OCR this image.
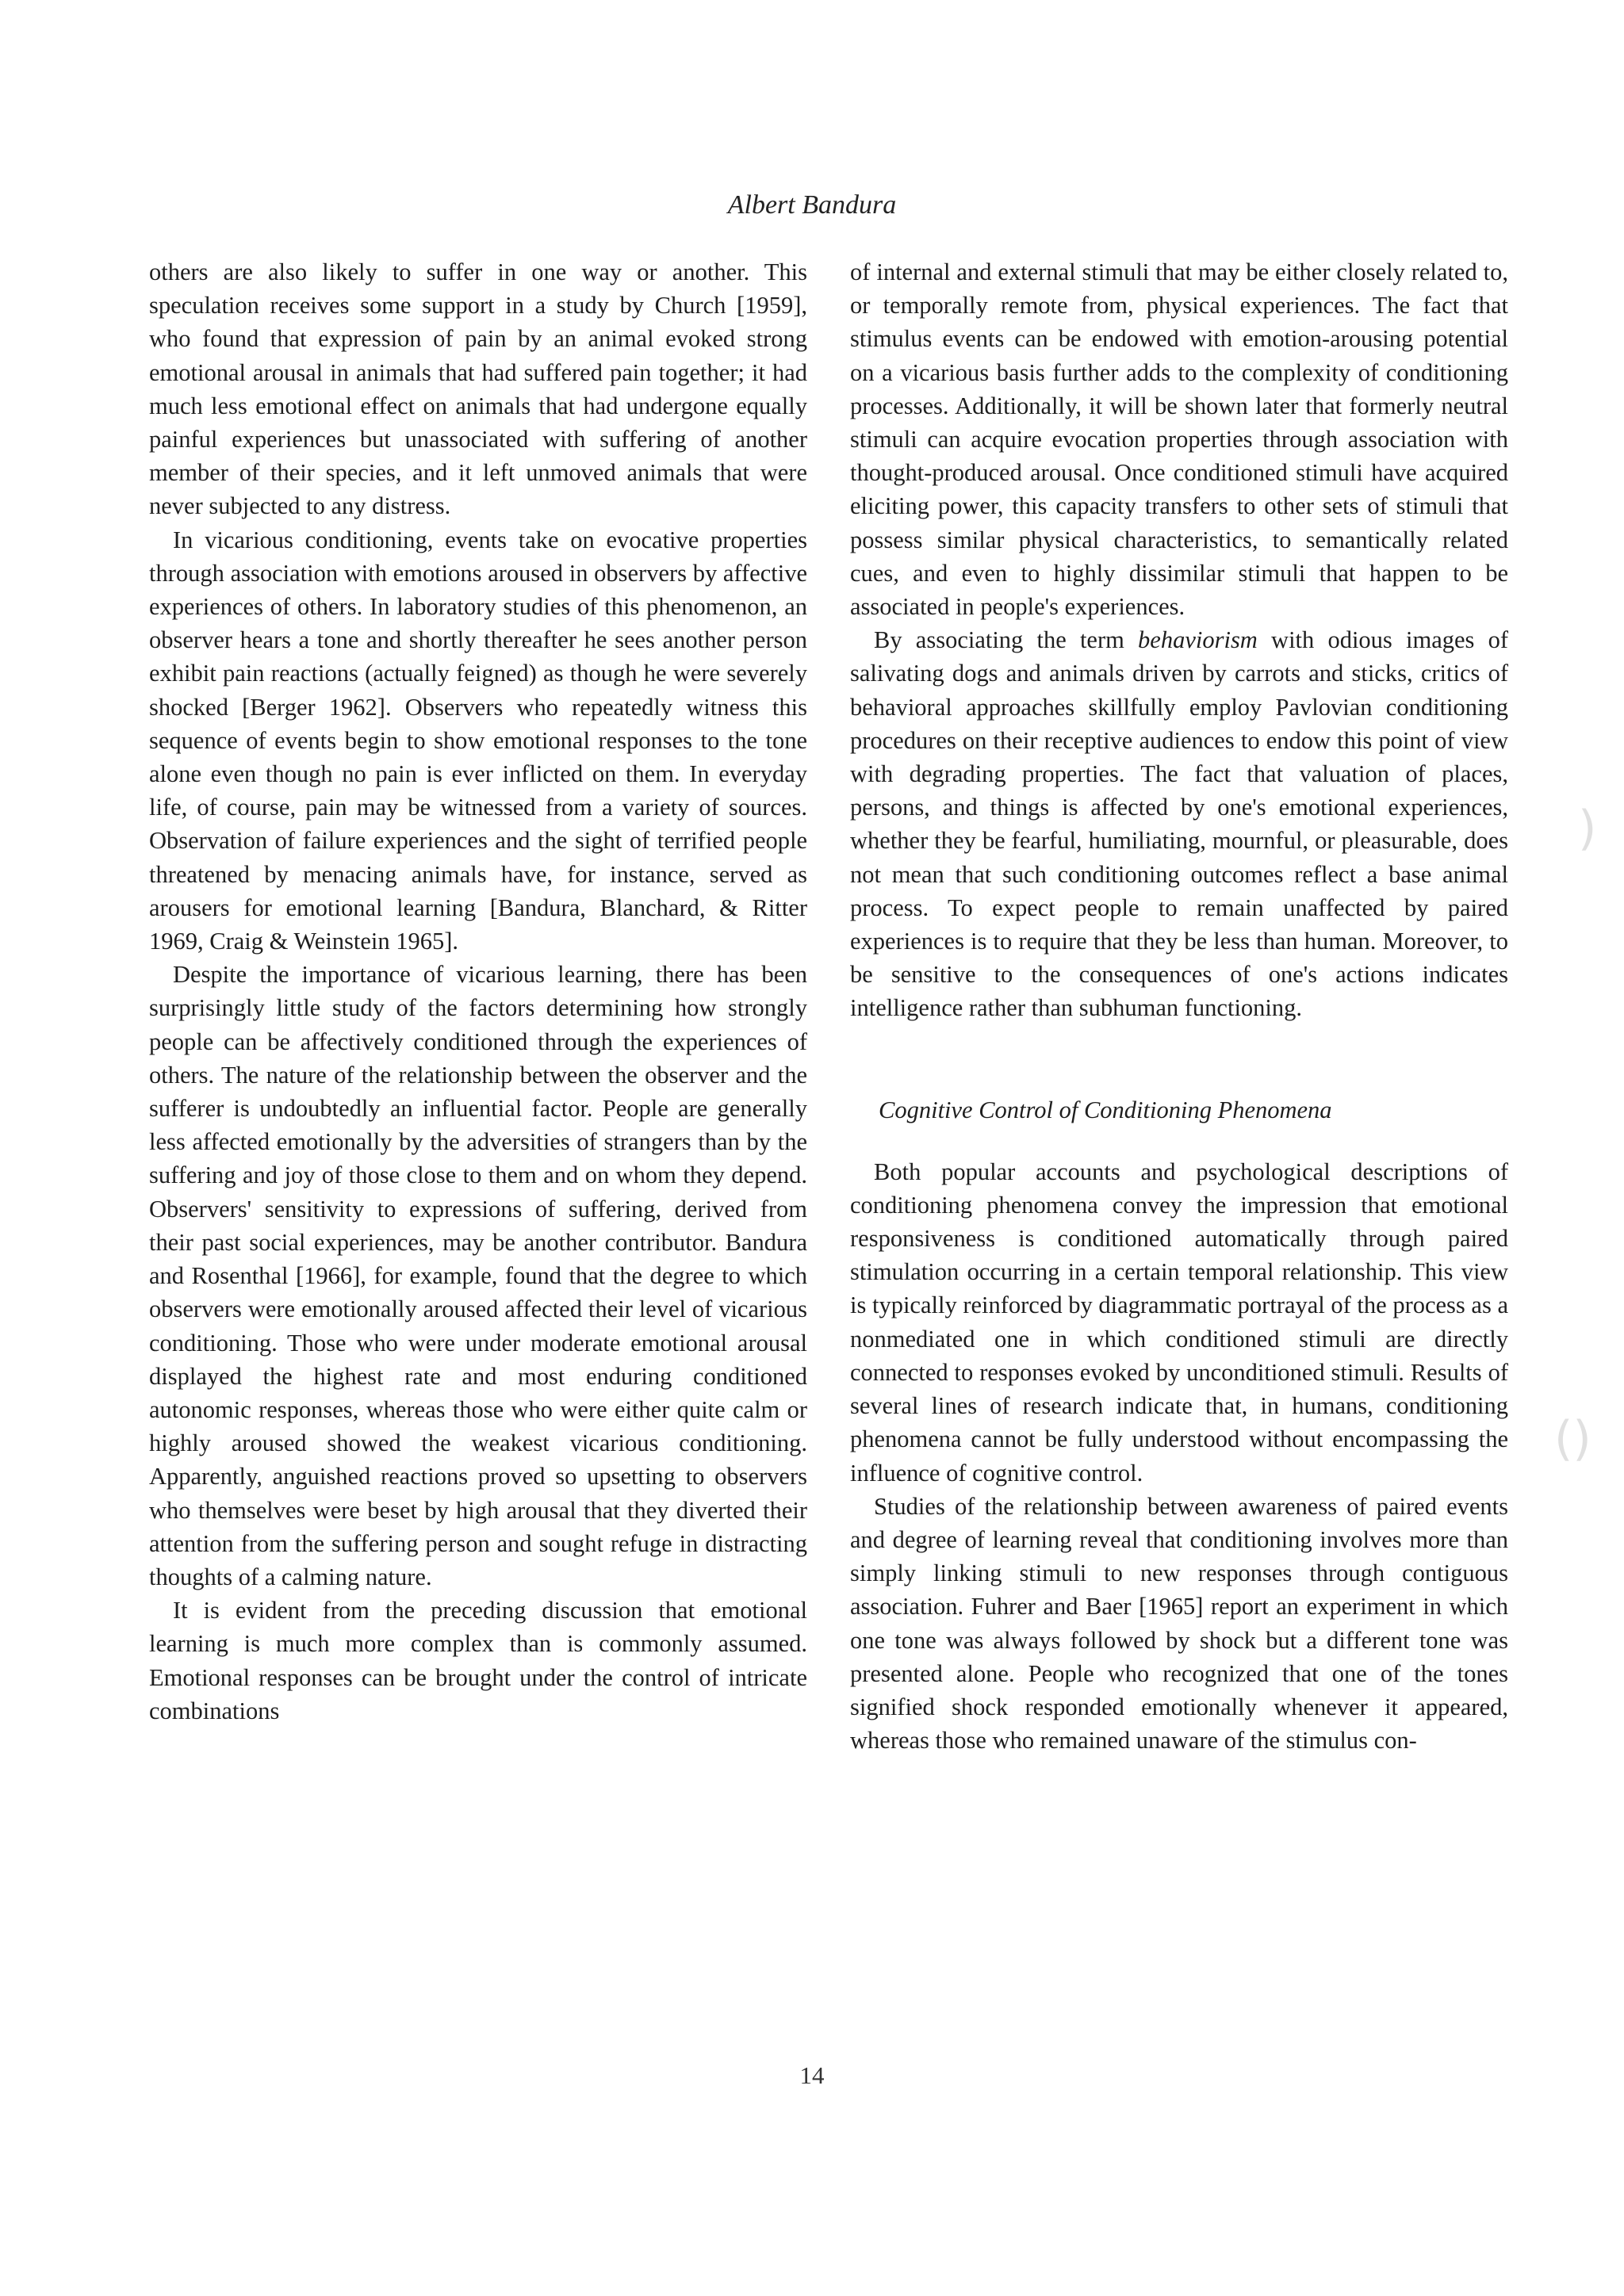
Albert Bandura

others are also likely to suffer in one way or another. This speculation receives some support in a study by Church [1959], who found that expression of pain by an animal evoked strong emotional arousal in animals that had suffered pain together; it had much less emotional effect on animals that had undergone equally painful experiences but unassociated with suffering of another member of their species, and it left unmoved animals that were never subjected to any distress.

In vicarious conditioning, events take on evocative properties through association with emotions aroused in observers by affective experiences of others. In laboratory studies of this phenomenon, an observer hears a tone and shortly thereafter he sees another person exhibit pain reactions (actually feigned) as though he were severely shocked [Berger 1962]. Observers who repeatedly witness this sequence of events begin to show emotional responses to the tone alone even though no pain is ever inflicted on them. In everyday life, of course, pain may be witnessed from a variety of sources. Observation of failure experiences and the sight of terrified people threatened by menacing animals have, for instance, served as arousers for emotional learning [Bandura, Blanchard, & Ritter 1969, Craig & Weinstein 1965].

Despite the importance of vicarious learning, there has been surprisingly little study of the factors determining how strongly people can be affectively conditioned through the experiences of others. The nature of the relationship between the observer and the sufferer is undoubtedly an influential factor. People are generally less affected emotionally by the adversities of strangers than by the suffering and joy of those close to them and on whom they depend. Observers' sensitivity to expressions of suffering, derived from their past social experiences, may be another contributor. Bandura and Rosenthal [1966], for example, found that the degree to which observers were emotionally aroused affected their level of vicarious conditioning. Those who were under moderate emotional arousal displayed the highest rate and most enduring conditioned autonomic responses, whereas those who were either quite calm or highly aroused showed the weakest vicarious conditioning. Apparently, anguished reactions proved so upsetting to observers who themselves were beset by high arousal that they diverted their attention from the suffering person and sought refuge in distracting thoughts of a calming nature.

It is evident from the preceding discussion that emotional learning is much more complex than is commonly assumed. Emotional responses can be brought under the control of intricate combinations

of internal and external stimuli that may be either closely related to, or temporally remote from, physical experiences. The fact that stimulus events can be endowed with emotion-arousing potential on a vicarious basis further adds to the complexity of conditioning processes. Additionally, it will be shown later that formerly neutral stimuli can acquire evocation properties through association with thought-produced arousal. Once conditioned stimuli have acquired eliciting power, this capacity transfers to other sets of stimuli that possess similar physical characteristics, to semantically related cues, and even to highly dissimilar stimuli that happen to be associated in people's experiences.

By associating the term behaviorism with odious images of salivating dogs and animals driven by carrots and sticks, critics of behavioral approaches skillfully employ Pavlovian conditioning procedures on their receptive audiences to endow this point of view with degrading properties. The fact that valuation of places, persons, and things is affected by one's emotional experiences, whether they be fearful, humiliating, mournful, or pleasurable, does not mean that such conditioning outcomes reflect a base animal process. To expect people to remain unaffected by paired experiences is to require that they be less than human. Moreover, to be sensitive to the consequences of one's actions indicates intelligence rather than subhuman functioning.

Cognitive Control of Conditioning Phenomena

Both popular accounts and psychological descriptions of conditioning phenomena convey the impression that emotional responsiveness is conditioned automatically through paired stimulation occurring in a certain temporal relationship. This view is typically reinforced by diagrammatic portrayal of the process as a nonmediated one in which conditioned stimuli are directly connected to responses evoked by unconditioned stimuli. Results of several lines of research indicate that, in humans, conditioning phenomena cannot be fully understood without encompassing the influence of cognitive control.

Studies of the relationship between awareness of paired events and degree of learning reveal that conditioning involves more than simply linking stimuli to new responses through contiguous association. Fuhrer and Baer [1965] report an experiment in which one tone was always followed by shock but a different tone was presented alone. People who recognized that one of the tones signified shock responded emotionally whenever it appeared, whereas those who remained unaware of the stimulus con-

)
()
14
